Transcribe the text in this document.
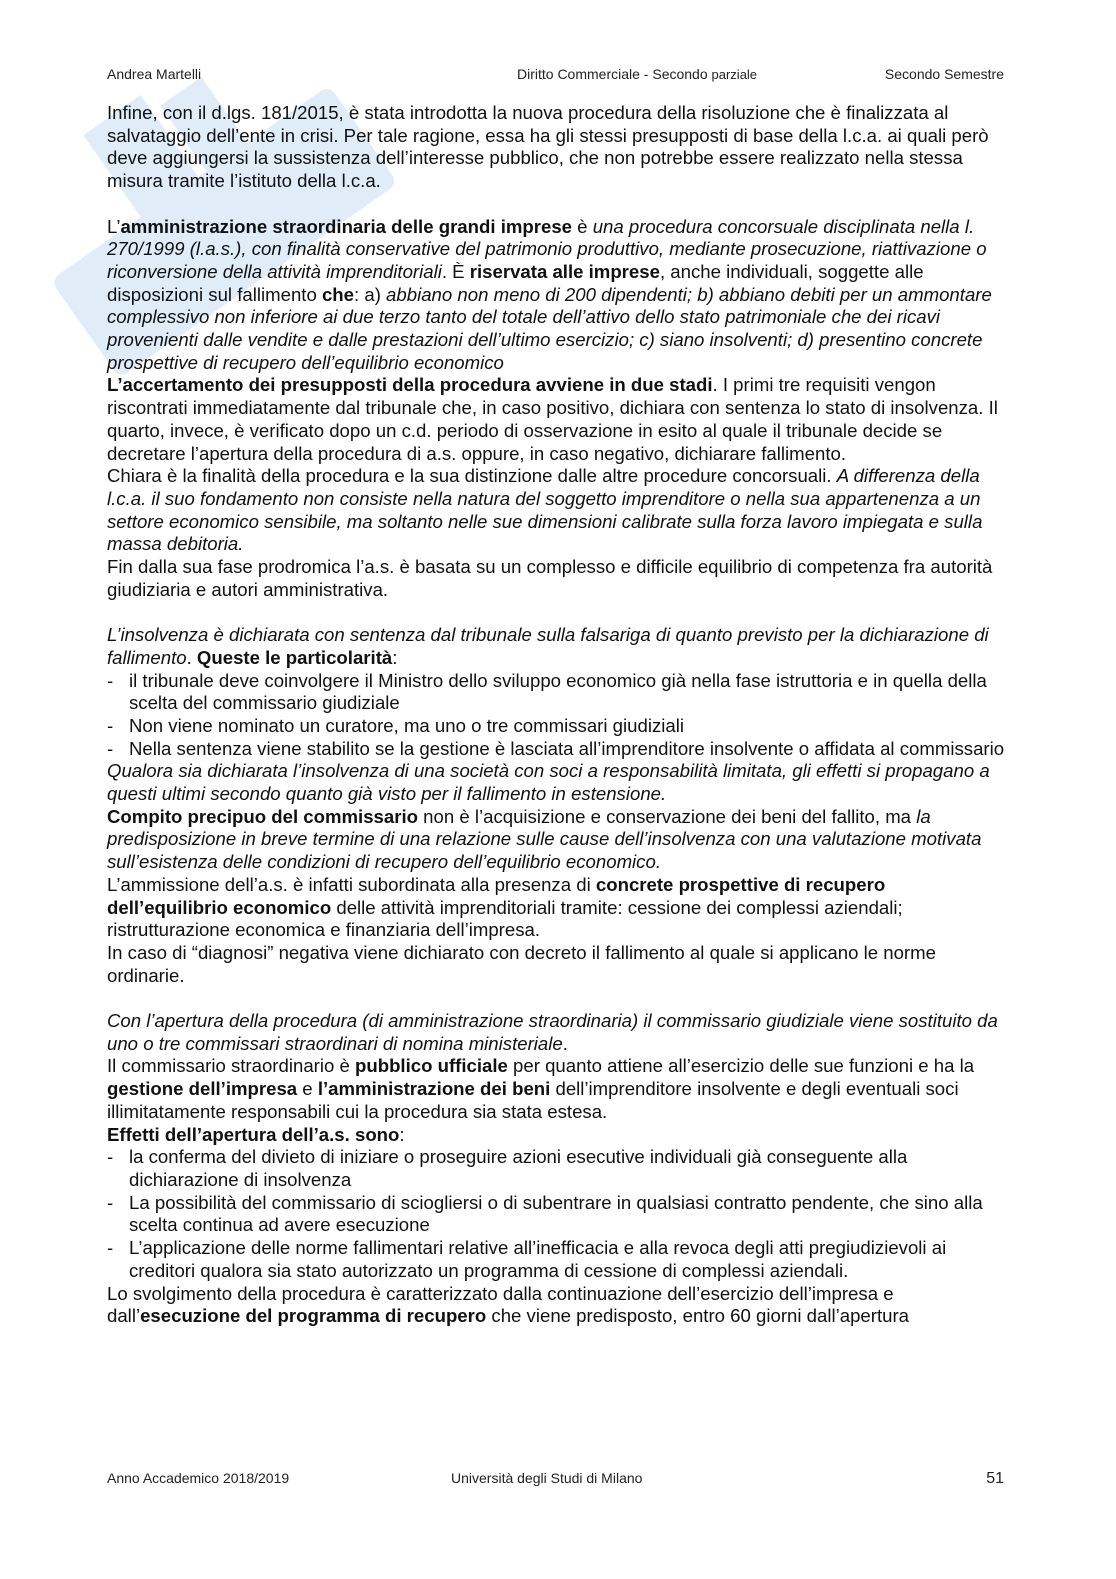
Andrea Martelli	Diritto Commerciale - Secondo parziale	Secondo Semestre

Infine, con il d.lgs. 181/2015, è stata introdotta la nuova procedura della risoluzione che è finalizzata al salvataggio dell’ente in crisi. Per tale ragione, essa ha gli stessi presupposti di base della l.c.a. ai quali però deve aggiungersi la sussistenza dell’interesse pubblico, che non potrebbe essere realizzato nella stessa misura tramite l’istituto della l.c.a.

L’amministrazione straordinaria delle grandi imprese è una procedura concorsuale disciplinata nella l. 270/1999 (l.a.s.), con finalità conservative del patrimonio produttivo, mediante prosecuzione, riattivazione o riconversione della attività imprenditoriali. È riservata alle imprese, anche individuali, soggette alle disposizioni sul fallimento che: a) abbiano non meno di 200 dipendenti; b) abbiano debiti per un ammontare complessivo non inferiore ai due terzo tanto del totale dell’attivo dello stato patrimoniale che dei ricavi provenienti dalle vendite e dalle prestazioni dell’ultimo esercizio; c) siano insolventi; d) presentino concrete prospettive di recupero dell’equilibrio economico

L’accertamento dei presupposti della procedura avviene in due stadi. I primi tre requisiti vengon riscontrati immediatamente dal tribunale che, in caso positivo, dichiara con sentenza lo stato di insolvenza. Il quarto, invece, è verificato dopo un c.d. periodo di osservazione in esito al quale il tribunale decide se decretare l’apertura della procedura di a.s. oppure, in caso negativo, dichiarare fallimento.

Chiara è la finalità della procedura e la sua distinzione dalle altre procedure concorsuali. A differenza della l.c.a. il suo fondamento non consiste nella natura del soggetto imprenditore o nella sua appartenenza a un settore economico sensibile, ma soltanto nelle sue dimensioni calibrate sulla forza lavoro impiegata e sulla massa debitoria.

Fin dalla sua fase prodromica l’a.s. è basata su un complesso e difficile equilibrio di competenza fra autorità giudiziaria e autori amministrativa.

L’insolvenza è dichiarata con sentenza dal tribunale sulla falsariga di quanto previsto per la dichiarazione di fallimento. Queste le particolarità:

- il tribunale deve coinvolgere il Ministro dello sviluppo economico già nella fase istruttoria e in quella della scelta del commissario giudiziale
- Non viene nominato un curatore, ma uno o tre commissari giudiziali
- Nella sentenza viene stabilito se la gestione è lasciata all’imprenditore insolvente o affidata al commissario

Qualora sia dichiarata l’insolvenza di una società con soci a responsabilità limitata, gli effetti si propagano a questi ultimi secondo quanto già visto per il fallimento in estensione.

Compito precipuo del commissario non è l’acquisizione e conservazione dei beni del fallito, ma la predisposizione in breve termine di una relazione sulle cause dell’insolvenza con una valutazione motivata sull’esistenza delle condizioni di recupero dell’equilibrio economico.

L’ammissione dell’a.s. è infatti subordinata alla presenza di concrete prospettive di recupero dell’equilibrio economico delle attività imprenditoriali tramite: cessione dei complessi aziendali; ristrutturazione economica e finanziaria dell’impresa.

In caso di “diagnosi” negativa viene dichiarato con decreto il fallimento al quale si applicano le norme ordinarie.

Con l’apertura della procedura (di amministrazione straordinaria) il commissario giudiziale viene sostituito da uno o tre commissari straordinari di nomina ministeriale.

Il commissario straordinario è pubblico ufficiale per quanto attiene all’esercizio delle sue funzioni e ha la gestione dell’impresa e l’amministrazione dei beni dell’imprenditore insolvente e degli eventuali soci illimitatamente responsabili cui la procedura sia stata estesa.

Effetti dell’apertura dell’a.s. sono:

- la conferma del divieto di iniziare o proseguire azioni esecutive individuali già conseguente alla dichiarazione di insolvenza
- La possibilità del commissario di sciogliersi o di subentrare in qualsiasi contratto pendente, che sino alla scelta continua ad avere esecuzione
- L’applicazione delle norme fallimentari relative all’inefficacia e alla revoca degli atti pregiudizievoli ai creditori qualora sia stato autorizzato un programma di cessione di complessi aziendali.

Lo svolgimento della procedura è caratterizzato dalla continuazione dell’esercizio dell’impresa e dall’esecuzione del programma di recupero che viene predisposto, entro 60 giorni dall’apertura

Anno Accademico 2018/2019	Università degli Studi di Milano	51
